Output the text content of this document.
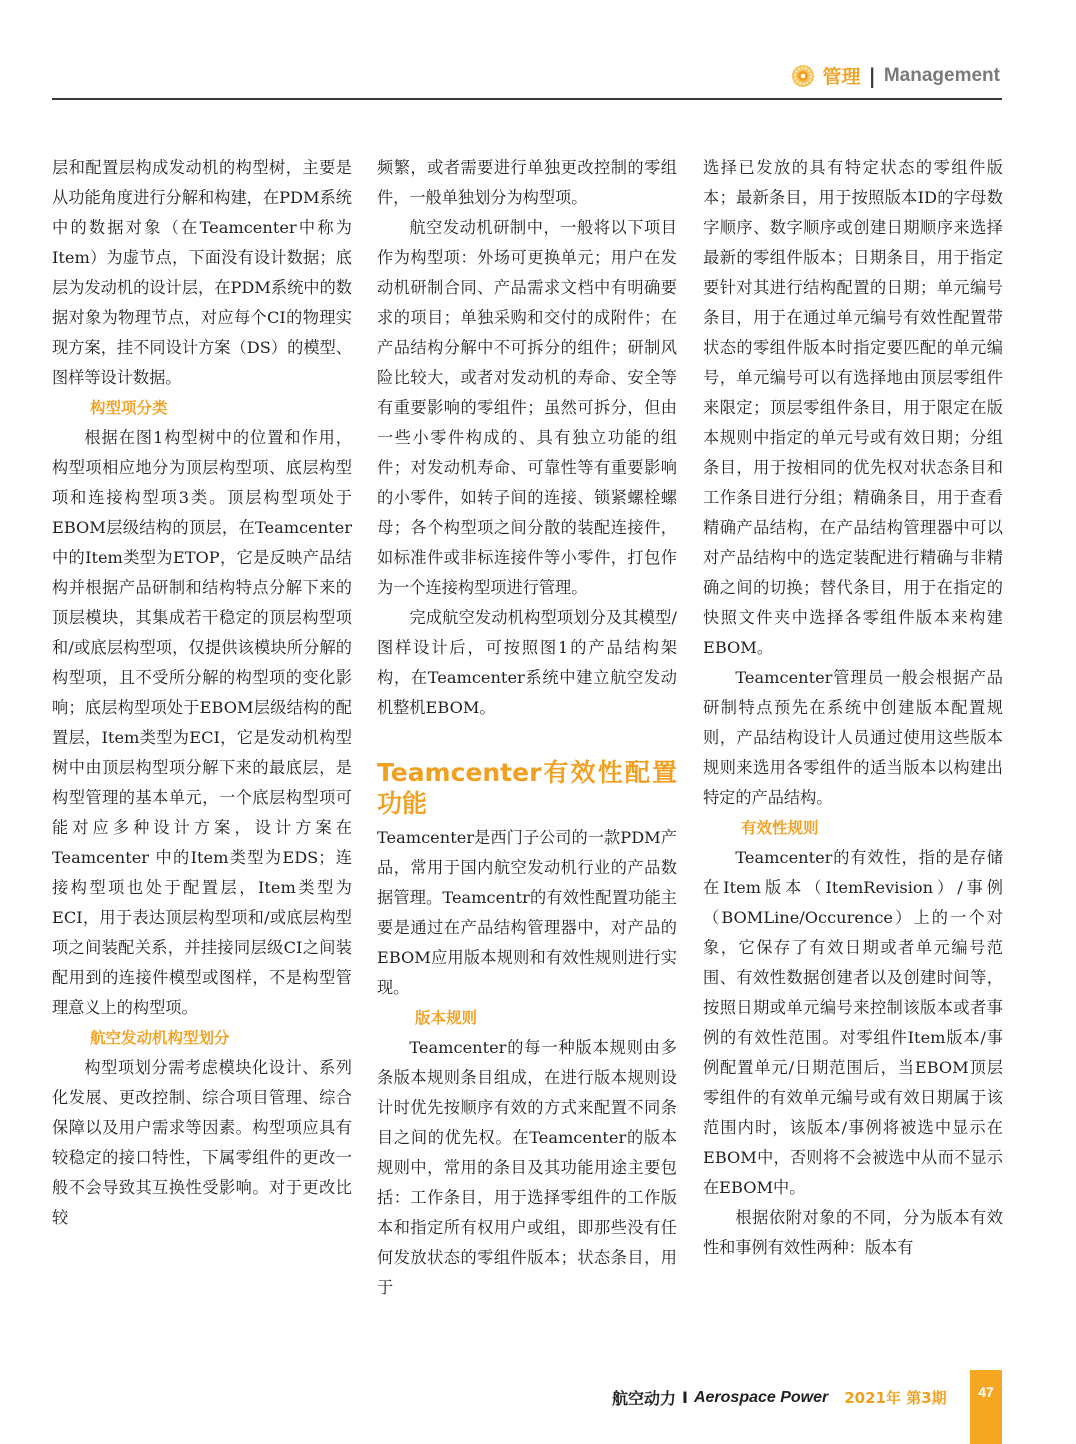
管理 | Management

层和配置层构成发动机的构型树，主要是从功能角度进行分解和构建，在PDM系统中的数据对象（在Teamcenter中称为Item）为虚节点，下面没有设计数据；底层为发动机的设计层，在PDM系统中的数据对象为物理节点，对应每个CI的物理实现方案，挂不同设计方案（DS）的模型、图样等设计数据。

构型项分类

根据在图1构型树中的位置和作用，构型项相应地分为顶层构型项、底层构型项和连接构型项3类。顶层构型项处于EBOM层级结构的顶层，在Teamcenter中的Item类型为ETOP，它是反映产品结构并根据产品研制和结构特点分解下来的顶层模块，其集成若干稳定的顶层构型项和/或底层构型项，仅提供该模块所分解的构型项，且不受所分解的构型项的变化影响；底层构型项处于EBOM层级结构的配置层，Item类型为ECI，它是发动机构型树中由顶层构型项分解下来的最底层，是构型管理的基本单元，一个底层构型项可能对应多种设计方案，设计方案在Teamcenter 中的Item类型为EDS；连接构型项也处于配置层，Item类型为ECI，用于表达顶层构型项和/或底层构型项之间装配关系，并挂接同层级CI之间装配用到的连接件模型或图样，不是构型管理意义上的构型项。

航空发动机构型划分

构型项划分需考虑模块化设计、系列化发展、更改控制、综合项目管理、综合保障以及用户需求等因素。构型项应具有较稳定的接口特性，下属零组件的更改一般不会导致其互换性受影响。对于更改比较

频繁，或者需要进行单独更改控制的零组件，一般单独划分为构型项。

航空发动机研制中，一般将以下项目作为构型项：外场可更换单元；用户在发动机研制合同、产品需求文档中有明确要求的项目；单独采购和交付的成附件；在产品结构分解中不可拆分的组件；研制风险比较大，或者对发动机的寿命、安全等有重要影响的零组件；虽然可拆分，但由一些小零件构成的、具有独立功能的组件；对发动机寿命、可靠性等有重要影响的小零件，如转子间的连接、锁紧螺栓螺母；各个构型项之间分散的装配连接件，如标准件或非标连接件等小零件，打包作为一个连接构型项进行管理。

完成航空发动机构型项划分及其模型/图样设计后，可按照图1的产品结构架构，在Teamcenter系统中建立航空发动机整机EBOM。

Teamcenter有效性配置功能

Teamcenter是西门子公司的一款PDM产品，常用于国内航空发动机行业的产品数据管理。Teamcentr的有效性配置功能主要是通过在产品结构管理器中，对产品的EBOM应用版本规则和有效性规则进行实现。

版本规则

Teamcenter的每一种版本规则由多条版本规则条目组成，在进行版本规则设计时优先按顺序有效的方式来配置不同条目之间的优先权。在Teamcenter的版本规则中，常用的条目及其功能用途主要包括：工作条目，用于选择零组件的工作版本和指定所有权用户或组，即那些没有任何发放状态的零组件版本；状态条目，用于

选择已发放的具有特定状态的零组件版本；最新条目，用于按照版本ID的字母数字顺序、数字顺序或创建日期顺序来选择最新的零组件版本；日期条目，用于指定要针对其进行结构配置的日期；单元编号条目，用于在通过单元编号有效性配置带状态的零组件版本时指定要匹配的单元编号，单元编号可以有选择地由顶层零组件来限定；顶层零组件条目，用于限定在版本规则中指定的单元号或有效日期；分组条目，用于按相同的优先权对状态条目和工作条目进行分组；精确条目，用于查看精确产品结构，在产品结构管理器中可以对产品结构中的选定装配进行精确与非精确之间的切换；替代条目，用于在指定的快照文件夹中选择各零组件版本来构建EBOM。

Teamcenter管理员一般会根据产品研制特点预先在系统中创建版本配置规则，产品结构设计人员通过使用这些版本规则来选用各零组件的适当版本以构建出特定的产品结构。

有效性规则

Teamcenter的有效性，指的是存储在Item版本（ItemRevision）/事例（BOMLine/Occurence）上的一个对象，它保存了有效日期或者单元编号范围、有效性数据创建者以及创建时间等，按照日期或单元编号来控制该版本或者事例的有效性范围。对零组件Item版本/事例配置单元/日期范围后，当EBOM顶层零组件的有效单元编号或有效日期属于该范围内时，该版本/事例将被选中显示在EBOM中，否则将不会被选中从而不显示在EBOM中。

根据依附对象的不同，分为版本有效性和事例有效性两种：版本有

航空动力 I Aerospace Power 2021年 第3期	47
